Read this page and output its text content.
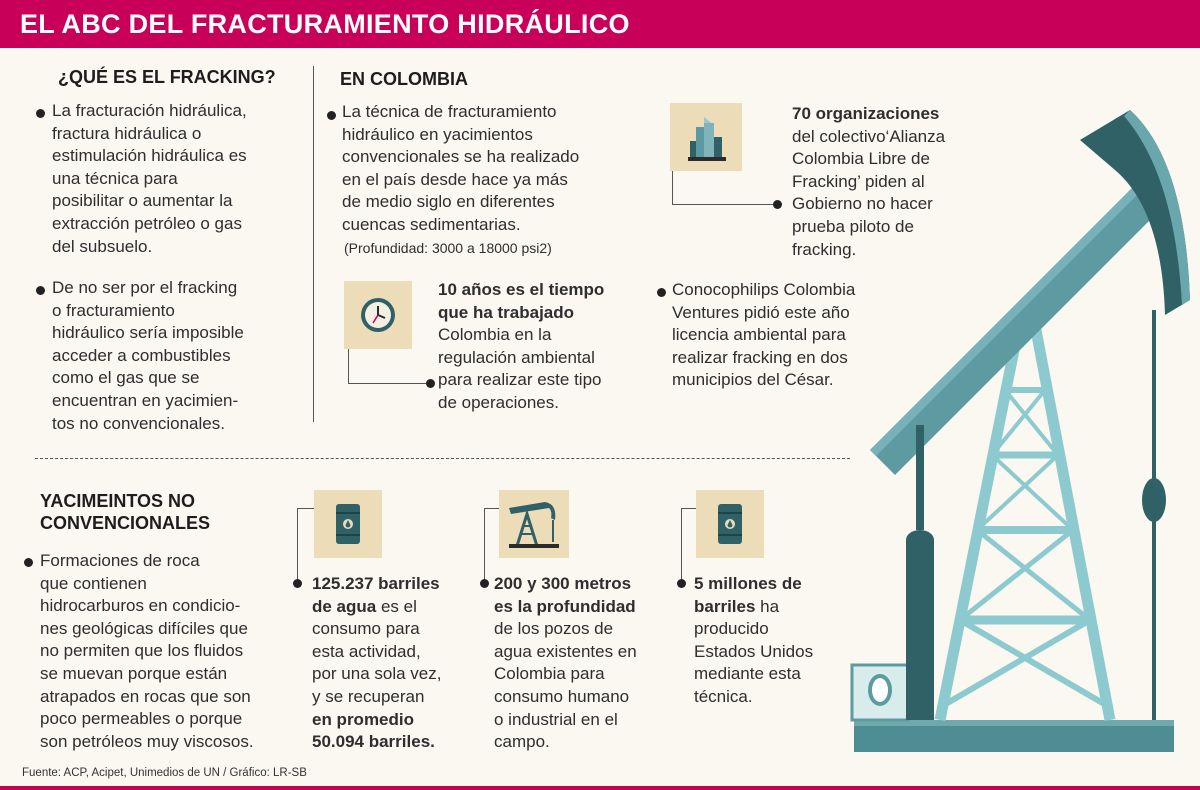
EL ABC DEL FRACTURAMIENTO HIDRÁULICO
¿QUÉ ES EL FRACKING?
La fracturación hidráulica,
fractura hidráulica o
estimulación hidráulica es
una técnica para
posibilitar o aumentar la
extracción petróleo o gas
del subsuelo.
De no ser por el fracking
o fracturamiento
hidráulico sería imposible
acceder a combustibles
como el gas que se
encuentran en yacimien-
tos no convencionales.
EN COLOMBIA
La técnica de fracturamiento
hidráulico en yacimientos
convencionales se ha realizado
en el país desde hace ya más
de medio siglo en diferentes
cuencas sedimentarias.
(Profundidad: 3000 a 18000 psi2)
70 organizaciones
del colectivo‘Alianza
Colombia Libre de
Fracking’ piden al
Gobierno no hacer
prueba piloto de
fracking.
10 años es el tiempo
que ha trabajado
Colombia en la
regulación ambiental
para realizar este tipo
de operaciones.
Conocophilips Colombia
Ventures pidió este año
licencia ambiental para
realizar fracking en dos
municipios del César.
YACIMEINTOS NO
CONVENCIONALES
Formaciones de roca
que contienen
hidrocarburos en condicio-
nes geológicas difíciles que
no permiten que los fluidos
se muevan porque están
atrapados en rocas que son
poco permeables o porque
son petróleos muy viscosos.
125.237 barriles
de agua es el
consumo para
esta actividad,
por una sola vez,
y se recuperan
en promedio
50.094 barriles.
200 y 300 metros
es la profundidad
de los pozos de
agua existentes en
Colombia para
consumo humano
o industrial en el
campo.
5 millones de
barriles ha
producido
Estados Unidos
mediante esta
técnica.
Fuente: ACP, Acipet, Unimedios de UN / Gráfico: LR-SB
